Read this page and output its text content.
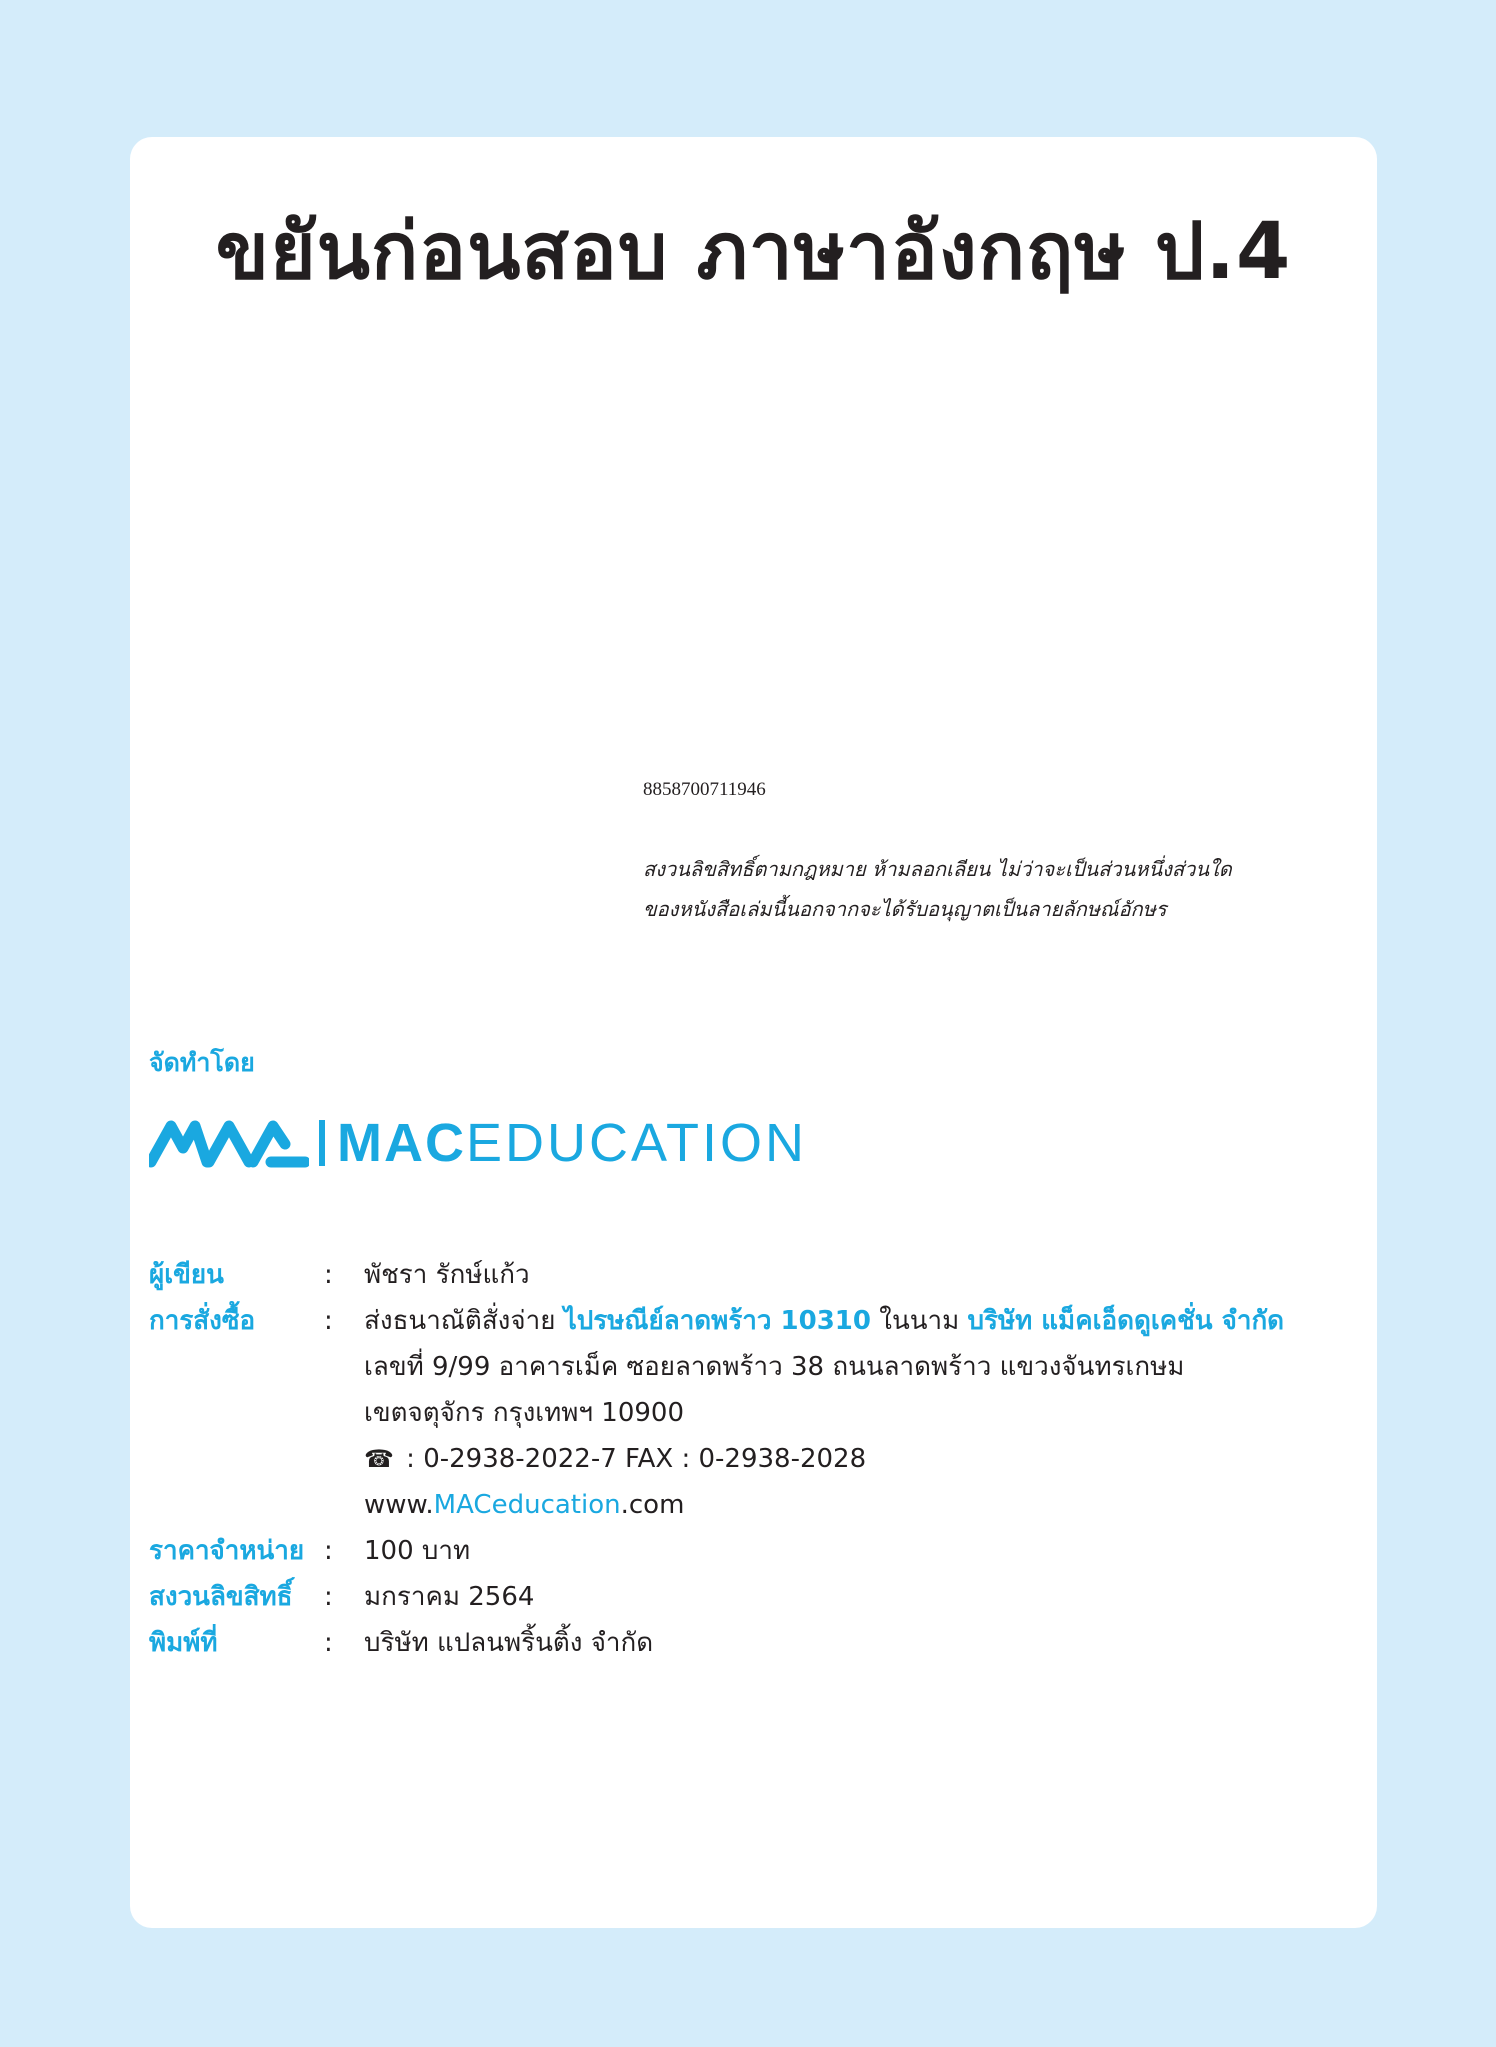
ขยันก่อนสอบ ภาษาอังกฤษ ป.4
8858700711946
สงวนลิขสิทธิ์ตามกฎหมาย ห้ามลอกเลียน ไม่ว่าจะเป็นส่วนหนึ่งส่วนใด
ของหนังสือเล่มนี้นอกจากจะได้รับอนุญาตเป็นลายลักษณ์อักษร
จัดทำโดย
MAC EDUCATION
ผู้เขียน	:	พัชรา รักษ์แก้ว
การสั่งซื้อ	:	ส่งธนาณัติสั่งจ่าย ไปรษณีย์ลาดพร้าว 10310 ในนาม บริษัท แม็คเอ็ดดูเคชั่น จำกัด
เลขที่ 9/99 อาคารเม็ค ซอยลาดพร้าว 38 ถนนลาดพร้าว แขวงจันทรเกษม
เขตจตุจักร กรุงเทพฯ 10900
☎ : 0-2938-2022-7 FAX : 0-2938-2028
www.MACeducation.com
ราคาจำหน่าย :	100 บาท
สงวนลิขสิทธิ์	:	มกราคม 2564
พิมพ์ที่	:	บริษัท แปลนพริ้นติ้ง จำกัด
